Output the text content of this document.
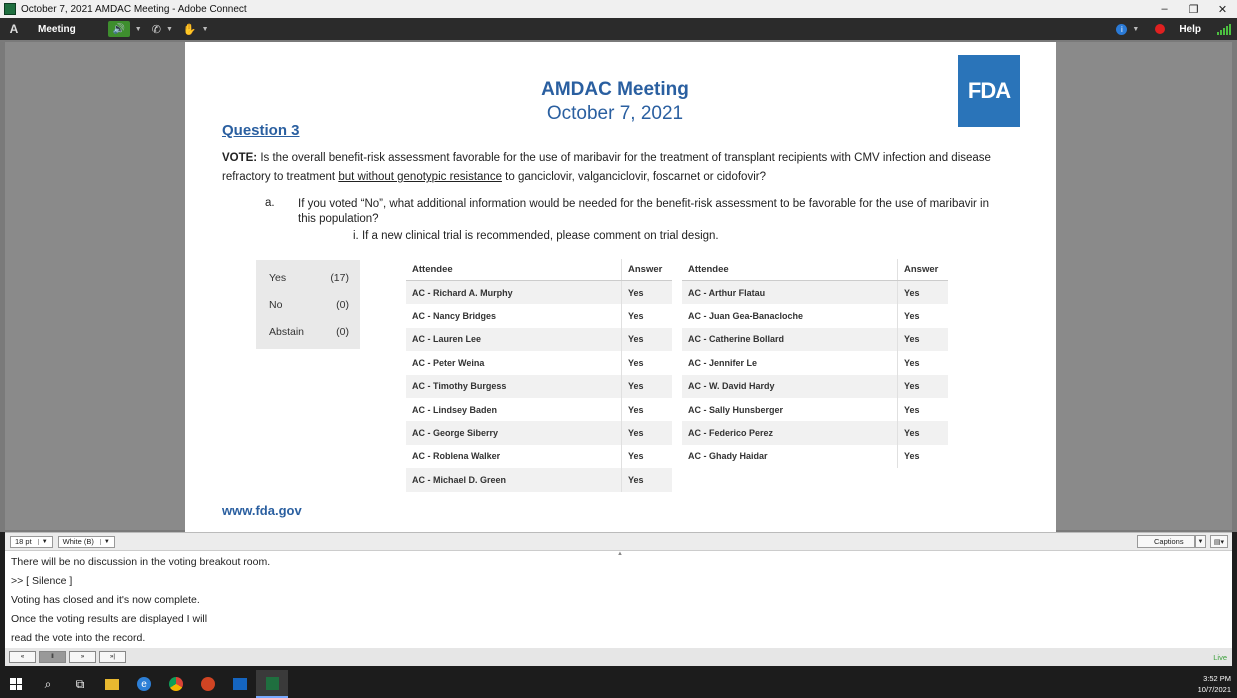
October 7, 2021 AMDAC Meeting - Adobe Connect	–	❐	✕
A	Meeting	🔊	▼ ✆ ▼ ✋ ▼	i	▼	Help
FDA
AMDAC Meeting
October 7, 2021
Question 3
VOTE: Is the overall benefit-risk assessment favorable for the use of maribavir for the treatment of transplant recipients with CMV infection and disease refractory to treatment but without genotypic resistance to ganciclovir, valganciclovir, foscarnet or cidofovir?
a. If you voted “No”, what additional information would be needed for the benefit-risk assessment to be favorable for the use of maribavir in this population?
i. If a new clinical trial is recommended, please comment on trial design.
Yes	(17)
No	(0)
Abstain	(0)
Attendee	Answer
AC - Richard A. Murphy	Yes
AC - Nancy Bridges	Yes
AC - Lauren Lee	Yes
AC - Peter Weina	Yes
AC - Timothy Burgess	Yes
AC - Lindsey Baden	Yes
AC - George Siberry	Yes
AC - Roblena Walker	Yes
AC - Michael D. Green	Yes
Attendee	Answer
AC - Arthur Flatau	Yes
AC - Juan Gea-Banacloche	Yes
AC - Catherine Bollard	Yes
AC - Jennifer Le	Yes
AC - W. David Hardy	Yes
AC - Sally Hunsberger	Yes
AC - Federico Perez	Yes
AC - Ghady Haidar	Yes
www.fda.gov
18 pt	▼ White (B)	▼	Captions	▼	▤▾
▲
There will be no discussion in the voting breakout room.
>> [ Silence ]
Voting has closed and it's now complete.
Once the voting results are displayed I will
read the vote into the record.
«	‖	»	»|	Live
⌕	⧉	e	3:52 PM
10/7/2021
